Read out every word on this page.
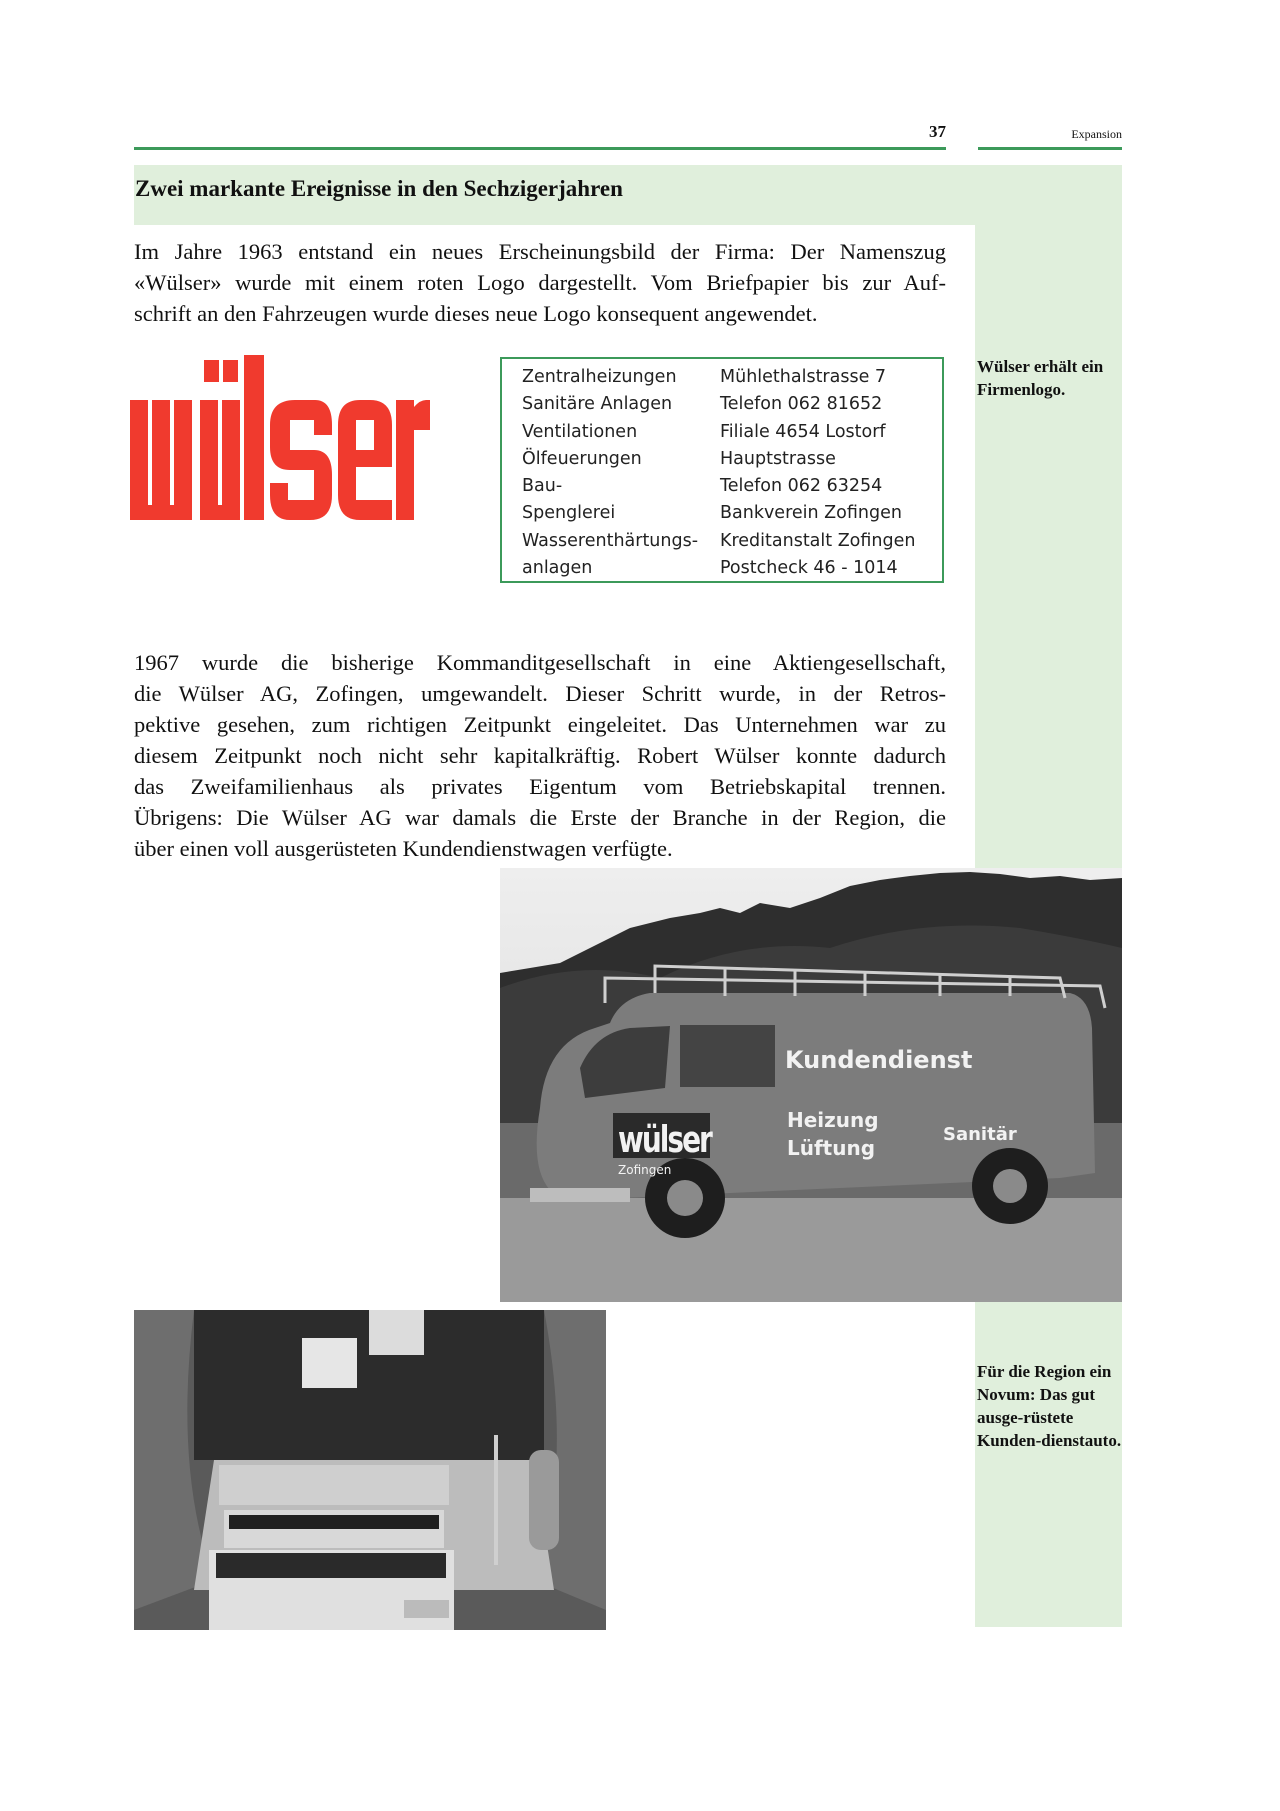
37	Expansion
Zwei markante Ereignisse in den Sechzigerjahren
Im Jahre 1963 entstand ein neues Erscheinungsbild der Firma: Der Namenszug
«Wülser» wurde mit einem roten Logo dargestellt. Vom Briefpapier bis zur Auf-
schrift an den Fahrzeugen wurde dieses neue Logo konsequent angewendet.
Zentralheizungen
Sanitäre Anlagen
Ventilationen
Ölfeuerungen
Bau-
Spenglerei
Wasserenthärtungs-
anlagen
Mühlethalstrasse 7
Telefon 062 81652
Filiale 4654 Lostorf
Hauptstrasse
Telefon 062 63254
Bankverein Zofingen
Kreditanstalt Zofingen
Postcheck 46 - 1014
Wülser erhält ein Firmenlogo.
1967 wurde die bisherige Kommanditgesellschaft in eine Aktiengesellschaft,
die Wülser AG, Zofingen, umgewandelt. Dieser Schritt wurde, in der Retros-
pektive gesehen, zum richtigen Zeitpunkt eingeleitet. Das Unternehmen war zu
diesem Zeitpunkt noch nicht sehr kapitalkräftig. Robert Wülser konnte dadurch
das Zweifamilienhaus als privates Eigentum vom Betriebskapital trennen.
Übrigens: Die Wülser AG war damals die Erste der Branche in der Region, die
über einen voll ausgerüsteten Kundendienstwagen verfügte.
wülser
Zofingen
Kundendienst
Heizung
Lüftung
Sanitär
Für die Region ein Novum: Das gut ausge-rüstete Kunden-dienstauto.
